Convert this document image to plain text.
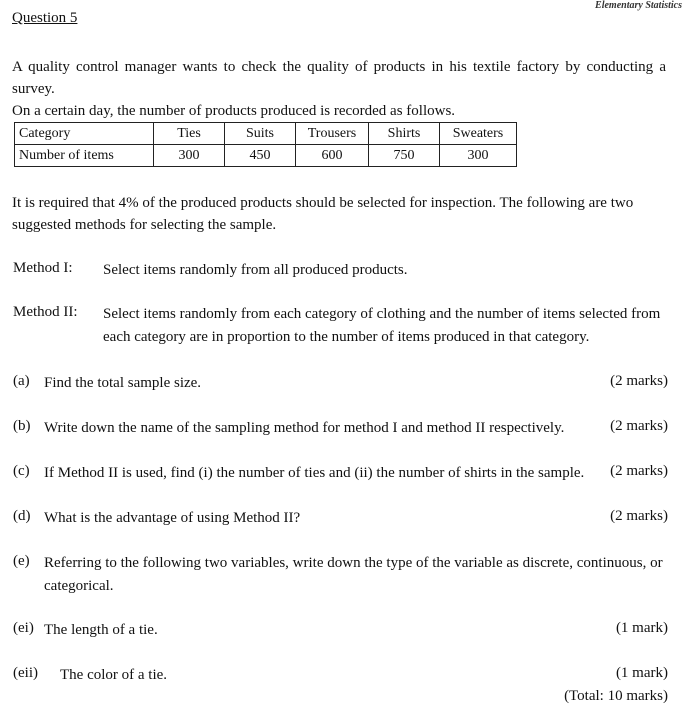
Elementary Statistics
Question 5
A quality control manager wants to check the quality of products in his textile factory by conducting a survey.
On a certain day, the number of products produced is recorded as follows.
Category	Ties	Suits	Trousers	Shirts	Sweaters
Number of items	300	450	600	750	300
It is required that 4% of the produced products should be selected for inspection. The following are two
suggested methods for selecting the sample.
Method I: Select items randomly from all produced products.
Method II: Select items randomly from each category of clothing and the number of items selected from
each category are in proportion to the number of items produced in that category.
(a) Find the total sample size.	(2 marks)
(b) Write down the name of the sampling method for method I and method II respectively.	(2 marks)
(c) If Method II is used, find (i) the number of ties and (ii) the number of shirts in the sample. (2 marks)
(d) What is the advantage of using Method II?	(2 marks)
(e) Referring to the following two variables, write down the type of the variable as discrete, continuous, or
categorical.
(ei) The length of a tie.	(1 mark)
(eii) The color of a tie.	(1 mark)
(Total: 10 marks)
